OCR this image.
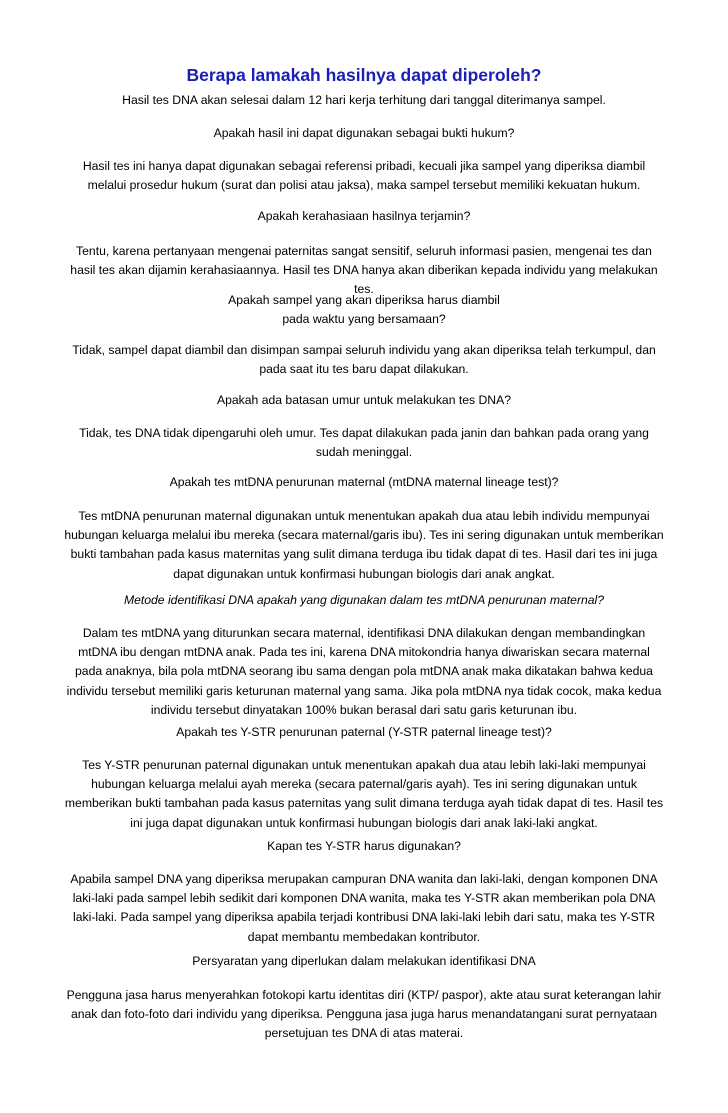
Berapa lamakah hasilnya dapat diperoleh?

Hasil tes DNA akan selesai dalam 12 hari kerja terhitung dari tanggal diterimanya sampel.

Apakah hasil ini dapat digunakan sebagai bukti hukum?

Hasil tes ini hanya dapat digunakan sebagai referensi pribadi, kecuali jika sampel yang diperiksa diambil melalui prosedur hukum (surat dan polisi atau jaksa), maka sampel tersebut memiliki kekuatan hukum.

Apakah kerahasiaan hasilnya terjamin?

Tentu, karena pertanyaan mengenai paternitas sangat sensitif, seluruh informasi pasien, mengenai tes dan hasil tes akan dijamin kerahasiaannya. Hasil tes DNA hanya akan diberikan kepada individu yang melakukan tes.

Apakah sampel yang akan diperiksa harus diambil
pada waktu yang bersamaan?

Tidak, sampel dapat diambil dan disimpan sampai seluruh individu yang akan diperiksa telah terkumpul, dan pada saat itu tes baru dapat dilakukan.

Apakah ada batasan umur untuk melakukan tes DNA?

Tidak, tes DNA tidak dipengaruhi oleh umur. Tes dapat dilakukan pada janin dan bahkan pada orang yang sudah meninggal.

Apakah tes mtDNA penurunan maternal (mtDNA maternal lineage test)?

Tes mtDNA penurunan maternal digunakan untuk menentukan apakah dua atau lebih individu mempunyai hubungan keluarga melalui ibu mereka (secara maternal/garis ibu). Tes ini sering digunakan untuk memberikan bukti tambahan pada kasus maternitas yang sulit dimana terduga ibu tidak dapat di tes. Hasil dari tes ini juga dapat digunakan untuk konfirmasi hubungan biologis dari anak angkat.

Metode identifikasi DNA apakah yang digunakan dalam tes mtDNA penurunan maternal?

Dalam tes mtDNA yang diturunkan secara maternal, identifikasi DNA dilakukan dengan membandingkan mtDNA ibu dengan mtDNA anak. Pada tes ini, karena DNA mitokondria hanya diwariskan secara maternal pada anaknya, bila pola mtDNA seorang ibu sama dengan pola mtDNA anak maka dikatakan bahwa kedua individu tersebut memiliki garis keturunan maternal yang sama. Jika pola mtDNA nya tidak cocok, maka kedua individu tersebut dinyatakan 100% bukan berasal dari satu garis keturunan ibu.

Apakah tes Y-STR penurunan paternal (Y-STR paternal lineage test)?

Tes Y-STR penurunan paternal digunakan untuk menentukan apakah dua atau lebih laki-laki mempunyai hubungan keluarga melalui ayah mereka (secara paternal/garis ayah). Tes ini sering digunakan untuk memberikan bukti tambahan pada kasus paternitas yang sulit dimana terduga ayah tidak dapat di tes. Hasil tes ini juga dapat digunakan untuk konfirmasi hubungan biologis dari anak laki-laki angkat.

Kapan tes Y-STR harus digunakan?

Apabila sampel DNA yang diperiksa merupakan campuran DNA wanita dan laki-laki, dengan komponen DNA laki-laki pada sampel lebih sedikit dari komponen DNA wanita, maka tes Y-STR akan memberikan pola DNA laki-laki. Pada sampel yang diperiksa apabila terjadi kontribusi DNA laki-laki lebih dari satu, maka tes Y-STR dapat membantu membedakan kontributor.

Persyaratan yang diperlukan dalam melakukan identifikasi DNA

Pengguna jasa harus menyerahkan fotokopi kartu identitas diri (KTP/ paspor), akte atau surat keterangan lahir anak dan foto-foto dari individu yang diperiksa. Pengguna jasa juga harus menandatangani surat pernyataan persetujuan tes DNA di atas materai.
